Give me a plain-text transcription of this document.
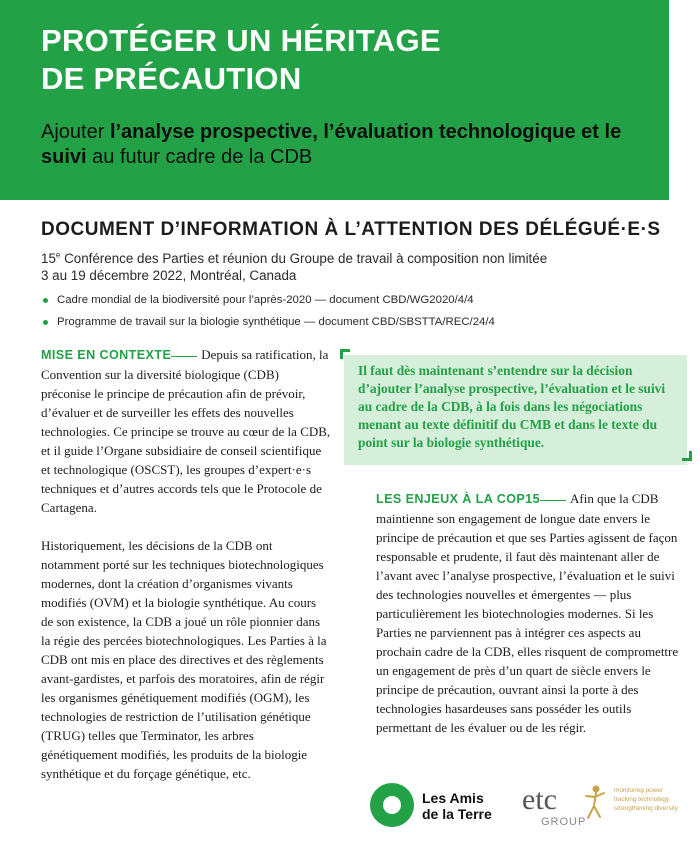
PROTÉGER UN HÉRITAGE
DE PRÉCAUTION
Ajouter l’analyse prospective, l’évaluation technologique et le suivi au futur cadre de la CDB
DOCUMENT D’INFORMATION À L’ATTENTION DES DÉLÉGUÉ·E·S
15e Conférence des Parties et réunion du Groupe de travail à composition non limitée
3 au 19 décembre 2022, Montréal, Canada
Cadre mondial de la biodiversité pour l’après-2020 — document CBD/WG2020/4/4
Programme de travail sur la biologie synthétique — document CBD/SBSTTA/REC/24/4

MISE EN CONTEXTE Depuis sa ratification, la Convention sur la diversité biologique (CDB) préconise le principe de précaution afin de prévoir, d’évaluer et de surveiller les effets des nouvelles technologies. Ce principe se trouve au cœur de la CDB, et il guide l’Organe subsidiaire de conseil scientifique et technologique (OSCST), les groupes d’expert·e·s techniques et d’autres accords tels que le Protocole de Cartagena.

Historiquement, les décisions de la CDB ont notamment porté sur les techniques biotechnologiques modernes, dont la création d’organismes vivants modifiés (OVM) et la biologie synthétique. Au cours de son existence, la CDB a joué un rôle pionnier dans la régie des percées biotechnologiques. Les Parties à la CDB ont mis en place des directives et des règlements avant-gardistes, et parfois des moratoires, afin de régir les organismes génétiquement modifiés (OGM), les technologies de restriction de l’utilisation génétique (TRUG) telles que Terminator, les arbres génétiquement modifiés, les produits de la biologie synthétique et du forçage génétique, etc.

Il faut dès maintenant s’entendre sur la décision d’ajouter l’analyse prospective, l’évaluation et le suivi au cadre de la CDB, à la fois dans les négociations menant au texte définitif du CMB et dans le texte du point sur la biologie synthétique.

LES ENJEUX À LA COP15 Afin que la CDB maintienne son engagement de longue date envers le principe de précaution et que ses Parties agissent de façon responsable et prudente, il faut dès maintenant aller de l’avant avec l’analyse prospective, l’évaluation et le suivi des technologies nouvelles et émergentes — plus particulièrement les biotechnologies modernes. Si les Parties ne parviennent pas à intégrer ces aspects au prochain cadre de la CDB, elles risquent de compromettre un engagement de près d’un quart de siècle envers le principe de précaution, ouvrant ainsi la porte à des technologies hasardeuses sans posséder les outils permettant de les évaluer ou de les régir.

Les Amis
de la Terre etc
GROUP
monitoring power
tracking technology
strengthening diversity
